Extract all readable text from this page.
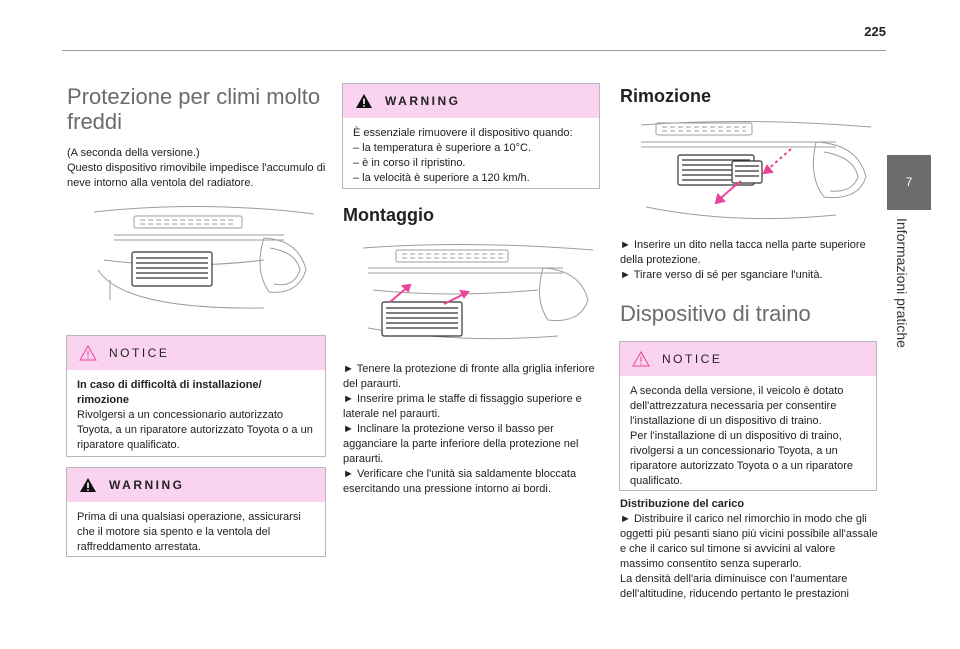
225
7
Informazioni pratiche
Protezione per climi molto freddi

(A seconda della versione.)
Questo dispositivo rimovibile impedisce l'accumulo di neve intorno alla ventola del radiatore.

NOTICE

In caso di difficoltà di installazione/ rimozione

Rivolgersi a un concessionario autorizzato Toyota, a un riparatore autorizzato Toyota o a un riparatore qualificato.

WARNING

Prima di una qualsiasi operazione, assicurarsi che il motore sia spento e la ventola del raffreddamento arrestata.

WARNING

È essenziale rimuovere il dispositivo quando:

– la temperatura è superiore a 10°C.

– è in corso il ripristino.

– la velocità è superiore a 120 km/h.

Montaggio

► Tenere la protezione di fronte alla griglia inferiore del paraurti.

► Inserire prima le staffe di fissaggio superiore e laterale nel paraurti.

► Inclinare la protezione verso il basso per agganciare la parte inferiore della protezione nel paraurti.

► Verificare che l'unità sia saldamente bloccata esercitando una pressione intorno ai bordi.

Rimozione

► Inserire un dito nella tacca nella parte superiore della protezione.

► Tirare verso di sé per sganciare l'unità.

Dispositivo di traino
NOTICE

A seconda della versione, il veicolo è dotato dell'attrezzatura necessaria per consentire l'installazione di un dispositivo di traino.
Per l'installazione di un dispositivo di traino, rivolgersi a un concessionario Toyota, a un riparatore autorizzato Toyota o a un riparatore qualificato.

Distribuzione del carico

► Distribuire il carico nel rimorchio in modo che gli oggetti più pesanti siano più vicini possibile all'assale e che il carico sul timone si avvicini al valore massimo consentito senza superarlo.
La densità dell'aria diminuisce con l'aumentare dell'altitudine, riducendo pertanto le prestazioni
